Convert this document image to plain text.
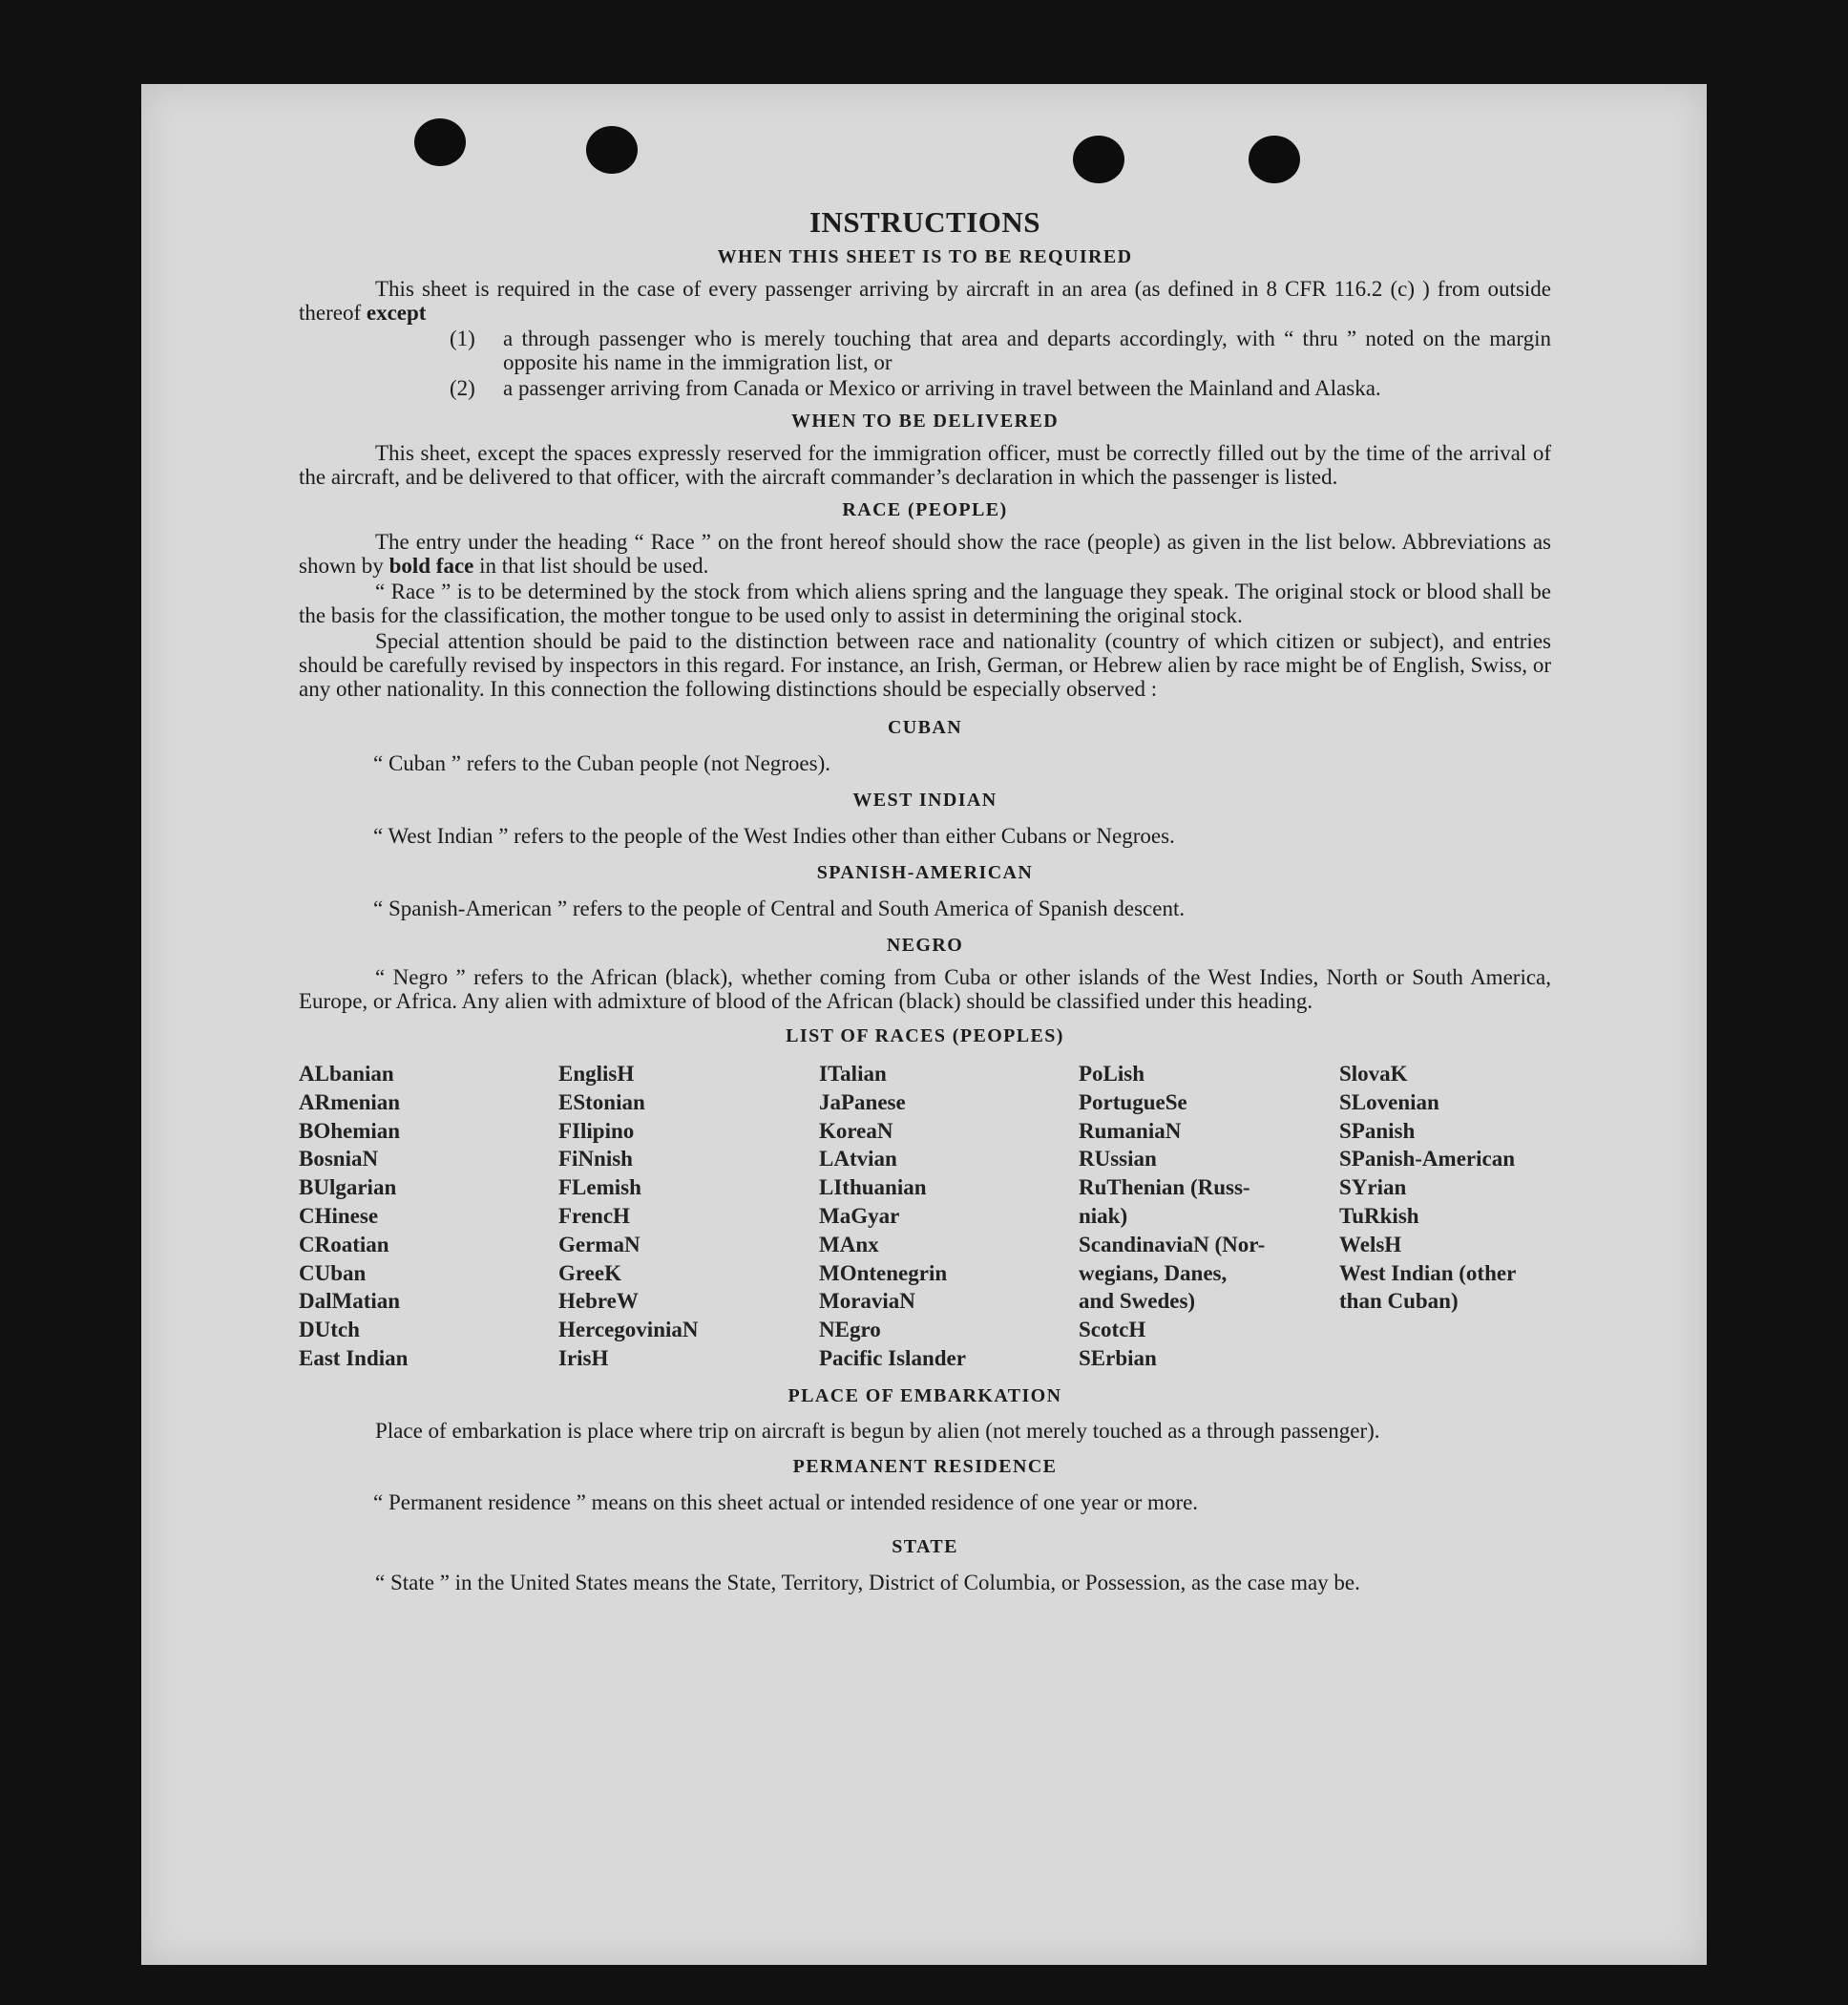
INSTRUCTIONS
WHEN THIS SHEET IS TO BE REQUIRED

This sheet is required in the case of every passenger arriving by aircraft in an area (as defined in 8 CFR 116.2 (c) ) from outside thereof except

(1)	a through passenger who is merely touching that area and departs accordingly, with “ thru ” noted on the margin opposite his name in the immigration list, or
(2)	a passenger arriving from Canada or Mexico or arriving in travel between the Mainland and Alaska.
WHEN TO BE DELIVERED

This sheet, except the spaces expressly reserved for the immigration officer, must be correctly filled out by the time of the arrival of the aircraft, and be delivered to that officer, with the aircraft commander’s declaration in which the passenger is listed.

RACE (PEOPLE)

The entry under the heading “ Race ” on the front hereof should show the race (people) as given in the list below. Abbreviations as shown by bold face in that list should be used.

“ Race ” is to be determined by the stock from which aliens spring and the language they speak. The original stock or blood shall be the basis for the classification, the mother tongue to be used only to assist in determining the original stock.

Special attention should be paid to the distinction between race and nationality (country of which citizen or subject), and entries should be carefully revised by inspectors in this regard. For instance, an Irish, German, or Hebrew alien by race might be of English, Swiss, or any other nationality. In this connection the following distinctions should be especially observed :

CUBAN
“ Cuban ” refers to the Cuban people (not Negroes).
WEST INDIAN
“ West Indian ” refers to the people of the West Indies other than either Cubans or Negroes.
SPANISH-AMERICAN
“ Spanish-American ” refers to the people of Central and South America of Spanish descent.
NEGRO

“ Negro ” refers to the African (black), whether coming from Cuba or other islands of the West Indies, North or South America, Europe, or Africa. Any alien with admixture of blood of the African (black) should be classified under this heading.

LIST OF RACES (PEOPLES)
ALbanian	EnglisH	ITalian	PoLish	SlovaK
ARmenian	EStonian	JaPanese	PortugueSe	SLovenian
BOhemian	FIlipino	KoreaN	RumaniaN	SPanish
BosniaN	FiNnish	LAtvian	RUssian	SPanish-American
BUlgarian	FLemish	LIthuanian	RuThenian (Russ-	SYrian
CHinese	FrencH	MaGyar	niak)	TuRkish
CRoatian	GermaN	MAnx	ScandinaviaN (Nor-	WelsH
CUban	GreeK	MOntenegrin	wegians, Danes,	West Indian (other
DalMatian	HebreW	MoraviaN	and Swedes)	than Cuban)
DUtch	HercegoviniaN	NEgro	ScotcH
East Indian	IrisH	Pacific Islander	SErbian
PLACE OF EMBARKATION

Place of embarkation is place where trip on aircraft is begun by alien (not merely touched as a through passenger).

PERMANENT RESIDENCE
“ Permanent residence ” means on this sheet actual or intended residence of one year or more.
STATE

“ State ” in the United States means the State, Territory, District of Columbia, or Possession, as the case may be.
